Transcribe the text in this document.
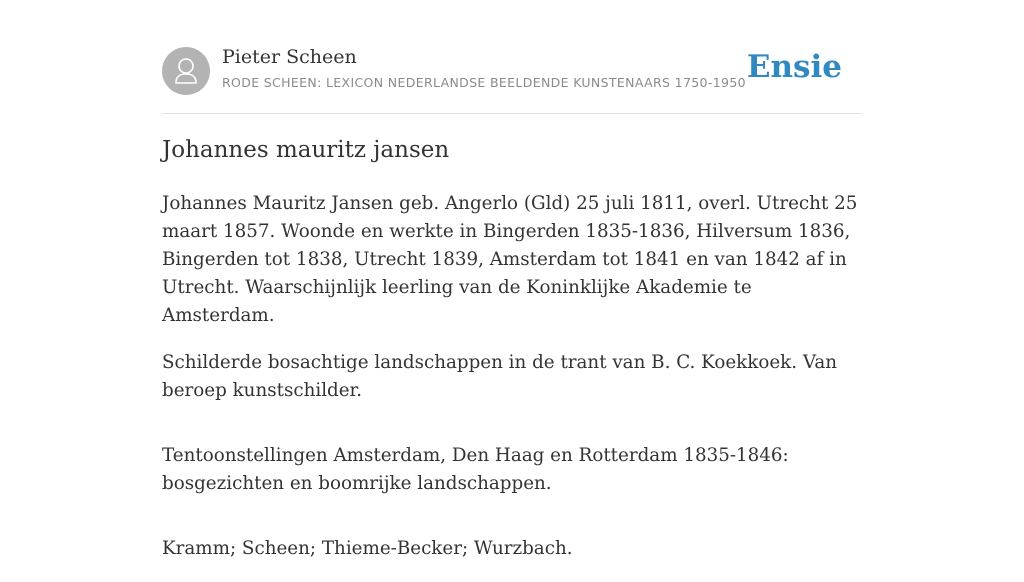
Pieter Scheen
RODE SCHEEN: LEXICON NEDERLANDSE BEELDENDE KUNSTENAARS 1750-1950 Ensie
Johannes mauritz jansen

Johannes Mauritz Jansen geb. Angerlo (Gld) 25 juli 1811, overl. Utrecht 25 maart 1857. Woonde en werkte in Bingerden 1835-1836, Hilversum 1836, Bingerden tot 1838, Utrecht 1839, Amsterdam tot 1841 en van 1842 af in Utrecht. Waarschijnlijk leerling van de Koninklijke Akademie te Amsterdam.

Schilderde bosachtige landschappen in de trant van B. C. Koekkoek. Van beroep kunstschilder.

Tentoonstellingen Amsterdam, Den Haag en Rotterdam 1835-1846: bosgezichten en boomrijke landschappen.

Kramm; Scheen; Thieme-Becker; Wurzbach.
